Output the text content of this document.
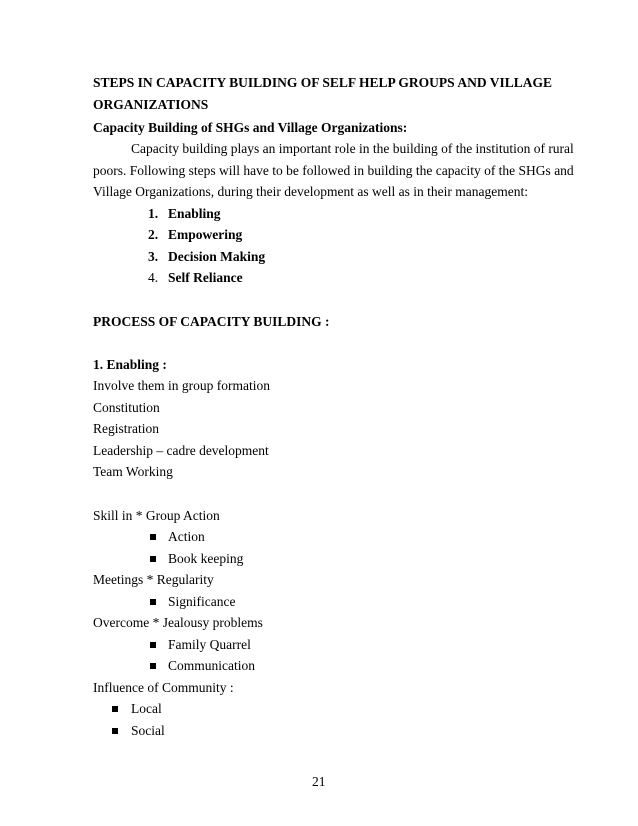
STEPS IN CAPACITY BUILDING OF SELF HELP GROUPS AND VILLAGE
ORGANIZATIONS
Capacity Building of SHGs and Village Organizations:
Capacity building plays an important role in the building of the institution of rural
poors. Following steps will have to be followed in building the capacity of the SHGs and
Village Organizations, during their development as well as in their management:
1. Enabling
2. Empowering
3. Decision Making
4. Self Reliance
PROCESS OF CAPACITY BUILDING :
1. Enabling :
Involve them in group formation
Constitution
Registration
Leadership – cadre development
Team Working
Skill in * Group Action
Action
Book keeping
Meetings * Regularity
Significance
Overcome * Jealousy problems
Family Quarrel
Communication
Influence of Community :
Local
Social
21
